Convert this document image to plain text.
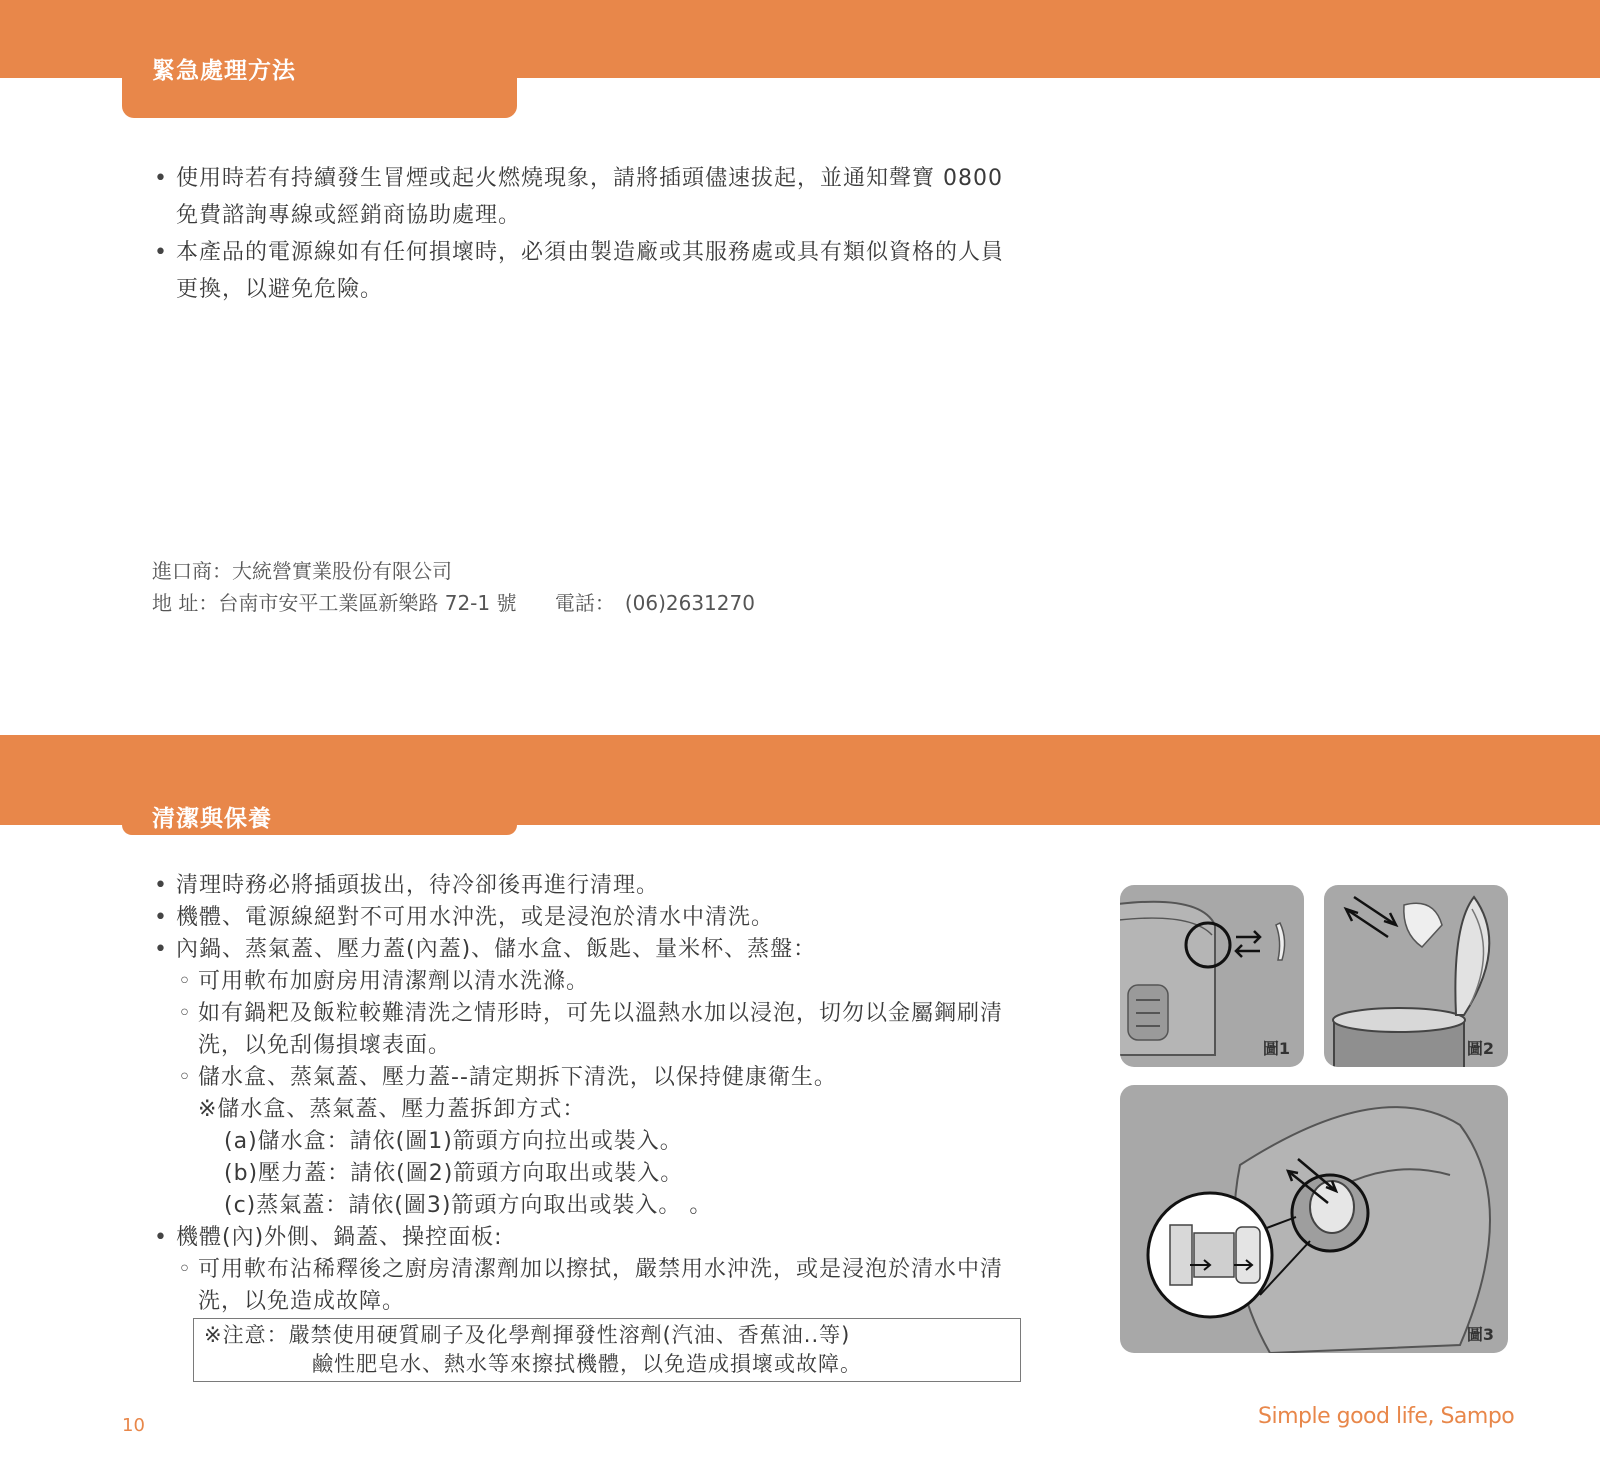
緊急處理方法
• 使用時若有持續發生冒煙或起火燃燒現象，請將插頭儘速拔起，並通知聲寶 0800 免費諮詢專線或經銷商協助處理。
• 本產品的電源線如有任何損壞時，必須由製造廠或其服務處或具有類似資格的人員更換，以避免危險。
進口商：大統營實業股份有限公司
地 址：台南市安平工業區新樂路 72-1 號 電話： (06)2631270
清潔與保養
• 清理時務必將插頭拔出，待冷卻後再進行清理。
• 機體、電源線絕對不可用水沖洗，或是浸泡於清水中清洗。
• 內鍋、蒸氣蓋、壓力蓋(內蓋)、儲水盒、飯匙、量米杯、蒸盤：
◦ 可用軟布加廚房用清潔劑以清水洗滌。
◦ 如有鍋粑及飯粒較難清洗之情形時，可先以溫熱水加以浸泡，切勿以金屬鋼刷清洗，以免刮傷損壞表面。
◦ 儲水盒、蒸氣蓋、壓力蓋--請定期拆下清洗，以保持健康衛生。
※儲水盒、蒸氣蓋、壓力蓋拆卸方式：
(a)儲水盒：請依(圖1)箭頭方向拉出或裝入。
(b)壓力蓋：請依(圖2)箭頭方向取出或裝入。
(c)蒸氣蓋：請依(圖3)箭頭方向取出或裝入。 。
• 機體(內)外側、鍋蓋、操控面板:
◦ 可用軟布沾稀釋後之廚房清潔劑加以擦拭，嚴禁用水沖洗，或是浸泡於清水中清洗，以免造成故障。
※注意：嚴禁使用硬質刷子及化學劑揮發性溶劑(汽油、香蕉油..等)
鹼性肥皂水、熱水等來擦拭機體，以免造成損壞或故障。
圖1	圖2
圖3
10	Simple good life, Sampo
